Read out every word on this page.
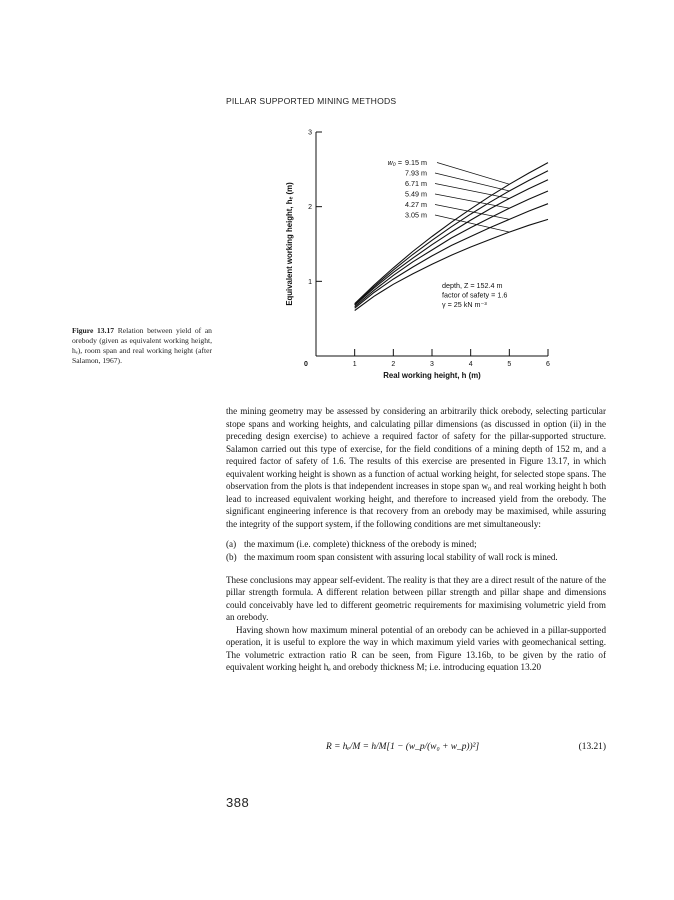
PILLAR SUPPORTED MINING METHODS
Figure 13.17 Relation between yield of an orebody (given as equivalent working height, hₑ), room span and real working height (after Salamon, 1967).	0	1	2	3	4	5	6
1
2
3
w₀ = 9.15 m
7.93 m
6.71 m
5.49 m
4.27 m
3.05 m
depth, Z = 152.4 m
factor of safety = 1.6
γ = 25 kN m⁻³
Real working height, h (m)
Equivalent working height, hₑ (m)

the mining geometry may be assessed by considering an arbitrarily thick orebody, selecting particular stope spans and working heights, and calculating pillar dimensions (as discussed in option (ii) in the preceding design exercise) to achieve a required factor of safety for the pillar-supported structure. Salamon carried out this type of exercise, for the field conditions of a mining depth of 152 m, and a required factor of safety of 1.6. The results of this exercise are presented in Figure 13.17, in which equivalent working height is shown as a function of actual working height, for selected stope spans. The observation from the plots is that independent increases in stope span w₀ and real working height h both lead to increased equivalent working height, and therefore to increased yield from the orebody. The significant engineering inference is that recovery from an orebody may be maximised, while assuring the integrity of the support system, if the following conditions are met simultaneously:

(a) the maximum (i.e. complete) thickness of the orebody is mined;
(b) the maximum room span consistent with assuring local stability of wall rock is mined.

These conclusions may appear self-evident. The reality is that they are a direct result of the nature of the pillar strength formula. A different relation between pillar strength and pillar shape and dimensions could conceivably have led to different geometric requirements for maximising volumetric yield from an orebody.

Having shown how maximum mineral potential of an orebody can be achieved in a pillar-supported operation, it is useful to explore the way in which maximum yield varies with geomechanical setting. The volumetric extraction ratio R can be seen, from Figure 13.16b, to be given by the ratio of equivalent working height hₑ and orebody thickness M; i.e. introducing equation 13.20

R = hₑ/M = h/M[1 − (w_p/(w₀ + w_p))²]	(13.21)
388
